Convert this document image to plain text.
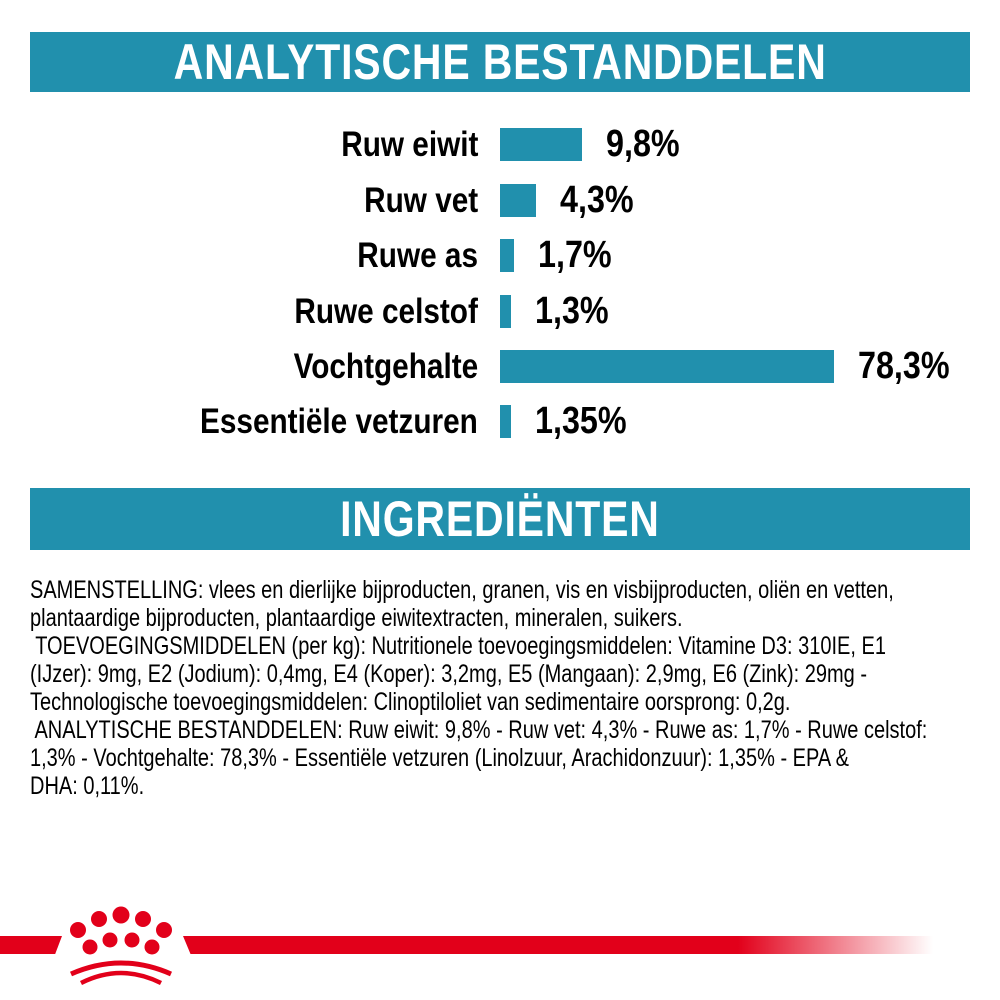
ANALYTISCHE BESTANDDELEN
Ruw eiwit	9,8%
Ruw vet 4,3%
Ruwe as 1,7%
Ruwe celstof 1,3%
Vochtgehalte	78,3%
Essentiële vetzuren 1,35%
INGREDIËNTEN
SAMENSTELLING: vlees en dierlijke bijproducten, granen, vis en visbijproducten, oliën en vetten,
plantaardige bijproducten, plantaardige eiwitextracten, mineralen, suikers.
TOEVOEGINGSMIDDELEN (per kg): Nutritionele toevoegingsmiddelen: Vitamine D3: 310IE, E1
(IJzer): 9mg, E2 (Jodium): 0,4mg, E4 (Koper): 3,2mg, E5 (Mangaan): 2,9mg, E6 (Zink): 29mg -
Technologische toevoegingsmiddelen: Clinoptiloliet van sedimentaire oorsprong: 0,2g.
ANALYTISCHE BESTANDDELEN: Ruw eiwit: 9,8% - Ruw vet: 4,3% - Ruwe as: 1,7% - Ruwe celstof:
1,3% - Vochtgehalte: 78,3% - Essentiële vetzuren (Linolzuur, Arachidonzuur): 1,35% - EPA &
DHA: 0,11%.
